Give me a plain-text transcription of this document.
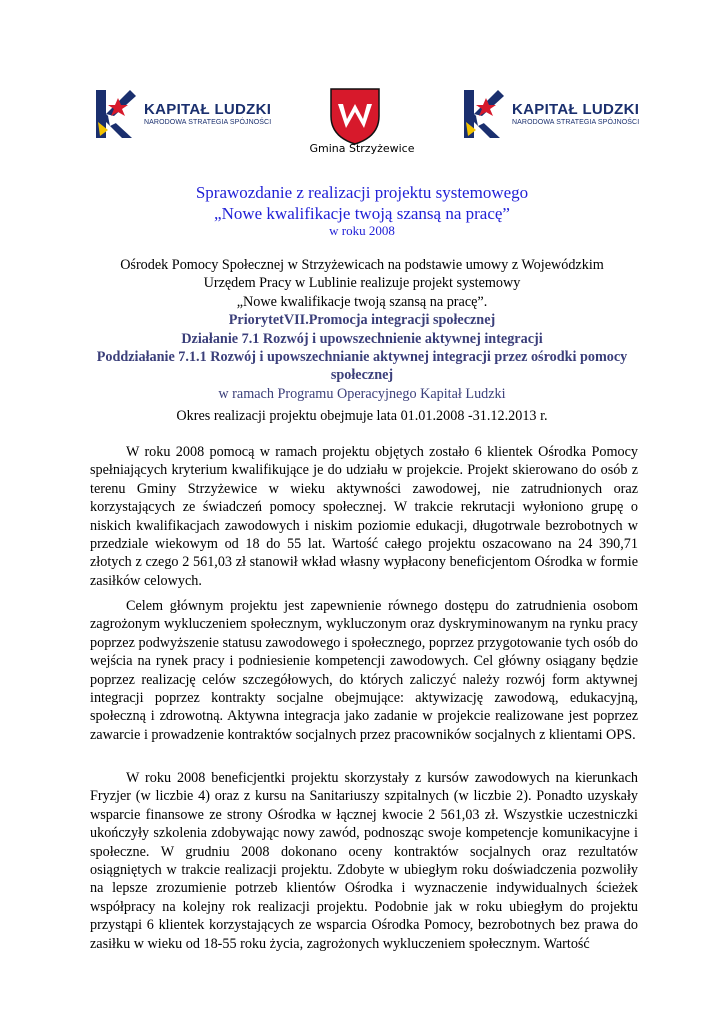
KAPITAŁ LUDZKI
NARODOWA STRATEGIA SPÓJNOŚCI
Gmina Strzyżewice
KAPITAŁ LUDZKI
NARODOWA STRATEGIA SPÓJNOŚCI
Sprawozdanie z realizacji projektu systemowego
„Nowe kwalifikacje twoją szansą na pracę”
w roku 2008
Ośrodek Pomocy Społecznej w Strzyżewicach na podstawie umowy z Wojewódzkim
Urzędem Pracy w Lublinie realizuje projekt systemowy
„Nowe kwalifikacje twoją szansą na pracę”.
PriorytetVII.Promocja integracji społecznej
Działanie 7.1 Rozwój i upowszechnienie aktywnej integracji
Poddziałanie 7.1.1 Rozwój i upowszechnianie aktywnej integracji przez ośrodki pomocy
społecznej
w ramach Programu Operacyjnego Kapitał Ludzki
Okres realizacji projektu obejmuje lata 01.01.2008 -31.12.2013 r.

W roku 2008 pomocą w ramach projektu objętych zostało 6 klientek Ośrodka Pomocy spełniających kryterium kwalifikujące je do udziału w projekcie. Projekt skierowano do osób z terenu Gminy Strzyżewice w wieku aktywności zawodowej, nie zatrudnionych oraz korzystających ze świadczeń pomocy społecznej. W trakcie rekrutacji wyłoniono grupę o niskich kwalifikacjach zawodowych i niskim poziomie edukacji, długotrwale bezrobotnych w przedziale wiekowym od 18 do 55 lat. Wartość całego projektu oszacowano na 24 390,71 złotych z czego 2 561,03 zł stanowił wkład własny wypłacony beneficjentom Ośrodka w formie zasiłków celowych.

Celem głównym projektu jest zapewnienie równego dostępu do zatrudnienia osobom zagrożonym wykluczeniem społecznym, wykluczonym oraz dyskryminowanym na rynku pracy poprzez podwyższenie statusu zawodowego i społecznego, poprzez przygotowanie tych osób do wejścia na rynek pracy i podniesienie kompetencji zawodowych. Cel główny osiągany będzie poprzez realizację celów szczegółowych, do których zaliczyć należy rozwój form aktywnej integracji poprzez kontrakty socjalne obejmujące: aktywizację zawodową, edukacyjną, społeczną i zdrowotną. Aktywna integracja jako zadanie w projekcie realizowane jest poprzez zawarcie i prowadzenie kontraktów socjalnych przez pracowników socjalnych z klientami OPS.

W roku 2008 beneficjentki projektu skorzystały z kursów zawodowych na kierunkach Fryzjer (w liczbie 4) oraz z kursu na Sanitariuszy szpitalnych (w liczbie 2). Ponadto uzyskały wsparcie finansowe ze strony Ośrodka w łącznej kwocie 2 561,03 zł. Wszystkie uczestniczki ukończyły szkolenia zdobywając nowy zawód, podnosząc swoje kompetencje komunikacyjne i społeczne. W grudniu 2008 dokonano oceny kontraktów socjalnych oraz rezultatów osiągniętych w trakcie realizacji projektu. Zdobyte w ubiegłym roku doświadczenia pozwoliły na lepsze zrozumienie potrzeb klientów Ośrodka i wyznaczenie indywidualnych ścieżek współpracy na kolejny rok realizacji projektu. Podobnie jak w roku ubiegłym do projektu przystąpi 6 klientek korzystających ze wsparcia Ośrodka Pomocy, bezrobotnych bez prawa do zasiłku w wieku od 18-55 roku życia, zagrożonych wykluczeniem społecznym. Wartość
